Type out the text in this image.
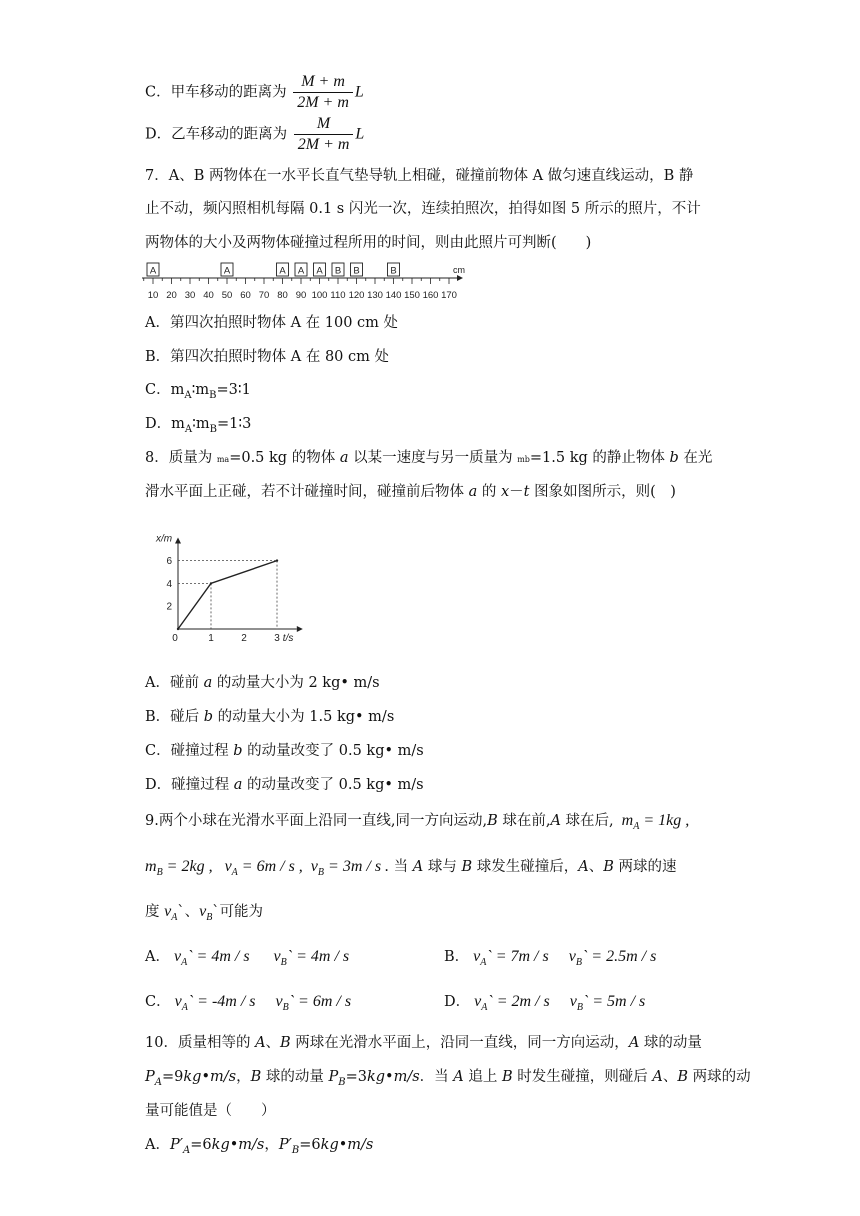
C．甲车移动的距离为 $\frac{M + m}{2M + m}$ L
D．乙车移动的距离为 $\frac{M}{2M + m}$ L
7．A、B 两物体在一水平长直气垫导轨上相碰，碰撞前物体 A 做匀速直线运动，B 静
止不动，频闪照相机每隔 0.1 s 闪光一次，连续拍照次，拍得如图 5 所示的照片，不计
两物体的大小及两物体碰撞过程所用的时间，则由此照片可判断(　　)
10 20 30 40 50 60 70 80 90 100 110 120 130 140 150 160 170
cm
A	A	A A A B B	B
A．第四次拍照时物体 A 在 100 cm 处
B．第四次拍照时物体 A 在 80 cm 处
C．$m_A∶m_B=3∶1$
D．$m_A∶m_B=1∶3$
8．质量为 ma=0.5 kg 的物体 a 以某一速度与另一质量为 mb=1.5 kg 的静止物体 b 在光
滑水平面上正碰，若不计碰撞时间，碰撞前后物体 a 的 x－t 图象如图所示，则(　)
0	1	2	3
2
4
6
t/s
x/m
A．碰前 a 的动量大小为 2 kg• m/s
B．碰后 b 的动量大小为 1.5 kg• m/s
C．碰撞过程 b 的动量改变了 0.5 kg• m/s
D．碰撞过程 a 的动量改变了 0.5 kg• m/s
9.两个小球在光滑水平面上沿同一直线,同一方向运动,B 球在前,A 球在后, $m_A = 1kg$ ,
$m_B = 2kg$ ,   $v_A = 6m / s$ ,  $v_B = 3m / s$ . 当 A 球与 B 球发生碰撞后，A、B 两球的速
度 $v_A`$、$v_B`$可能为
A． $v_A` = 4m / s$      $v_B` = 4m / s$	B． $v_A` = 7m / s$     $v_B` = 2.5m / s$
C． $v_A` = -4m / s$     $v_B` = 6m / s$	D． $v_A` = 2m / s$     $v_B` = 5m / s$
10．质量相等的 A、B 两球在光滑水平面上，沿同一直线，同一方向运动，A 球的动量
$P_A=9kg•m/s$，B 球的动量 $P_B=3kg•m/s$．当 A 追上 B 时发生碰撞，则碰后 A、B 两球的动
量可能值是（　　）
A．$P'_A=6kg•m/s$，$P'_B=6kg•m/s$
